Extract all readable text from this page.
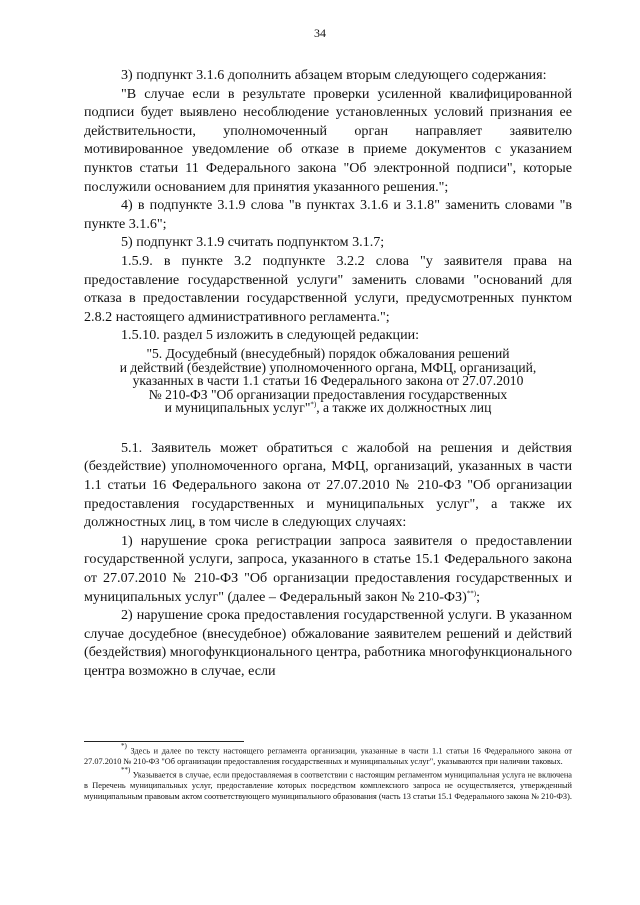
34

3) подпункт 3.1.6 дополнить абзацем вторым следующего содержания:

"В случае если в результате проверки усиленной квалифицированной подписи будет выявлено несоблюдение установленных условий признания ее действительности, уполномоченный орган направляет заявителю мотивированное уведомление об отказе в приеме документов с указанием пунктов статьи 11 Федерального закона "Об электронной подписи", которые послужили основанием для принятия указанного решения.";

4) в подпункте 3.1.9 слова "в пунктах 3.1.6 и 3.1.8" заменить словами "в пункте 3.1.6";

5) подпункт 3.1.9 считать подпунктом 3.1.7;

1.5.9. в пункте 3.2 подпункте 3.2.2 слова "у заявителя права на предоставление государственной услуги" заменить словами "оснований для отказа в предоставлении государственной услуги, предусмотренных пунктом 2.8.2 настоящего административного регламента.";

1.5.10. раздел 5 изложить в следующей редакции:

"5. Досудебный (внесудебный) порядок обжалования решений
и действий (бездействие) уполномоченного органа, МФЦ, организаций,
указанных в части 1.1 статьи 16 Федерального закона от 27.07.2010
№ 210-ФЗ "Об организации предоставления государственных
и муниципальных услуг"*), а также их должностных лиц

5.1. Заявитель может обратиться с жалобой на решения и действия (бездействие) уполномоченного органа, МФЦ, организаций, указанных в части 1.1 статьи 16 Федерального закона от 27.07.2010 № 210-ФЗ "Об организации предоставления государственных и муниципальных услуг", а также их должностных лиц, в том числе в следующих случаях:

1) нарушение срока регистрации запроса заявителя о предоставлении государственной услуги, запроса, указанного в статье 15.1 Федерального закона от 27.07.2010 № 210-ФЗ "Об организации предоставления государственных и муниципальных услуг" (далее – Федеральный закон № 210-ФЗ)**);

2) нарушение срока предоставления государственной услуги. В указанном случае досудебное (внесудебное) обжалование заявителем решений и действий (бездействия) многофункционального центра, работника многофункционального центра возможно в случае, если

*) Здесь и далее по тексту настоящего регламента организации, указанные в части 1.1 статьи 16 Федерального закона от 27.07.2010 № 210-ФЗ "Об организации предоставления государственных и муниципальных услуг", указываются при наличии таковых.

**) Указывается в случае, если предоставляемая в соответствии с настоящим регламентом муниципальная услуга не включена в Перечень муниципальных услуг, предоставление которых посредством комплексного запроса не осуществляется, утвержденный муниципальным правовым актом соответствующего муниципального образования (часть 13 статьи 15.1 Федерального закона № 210-ФЗ).
